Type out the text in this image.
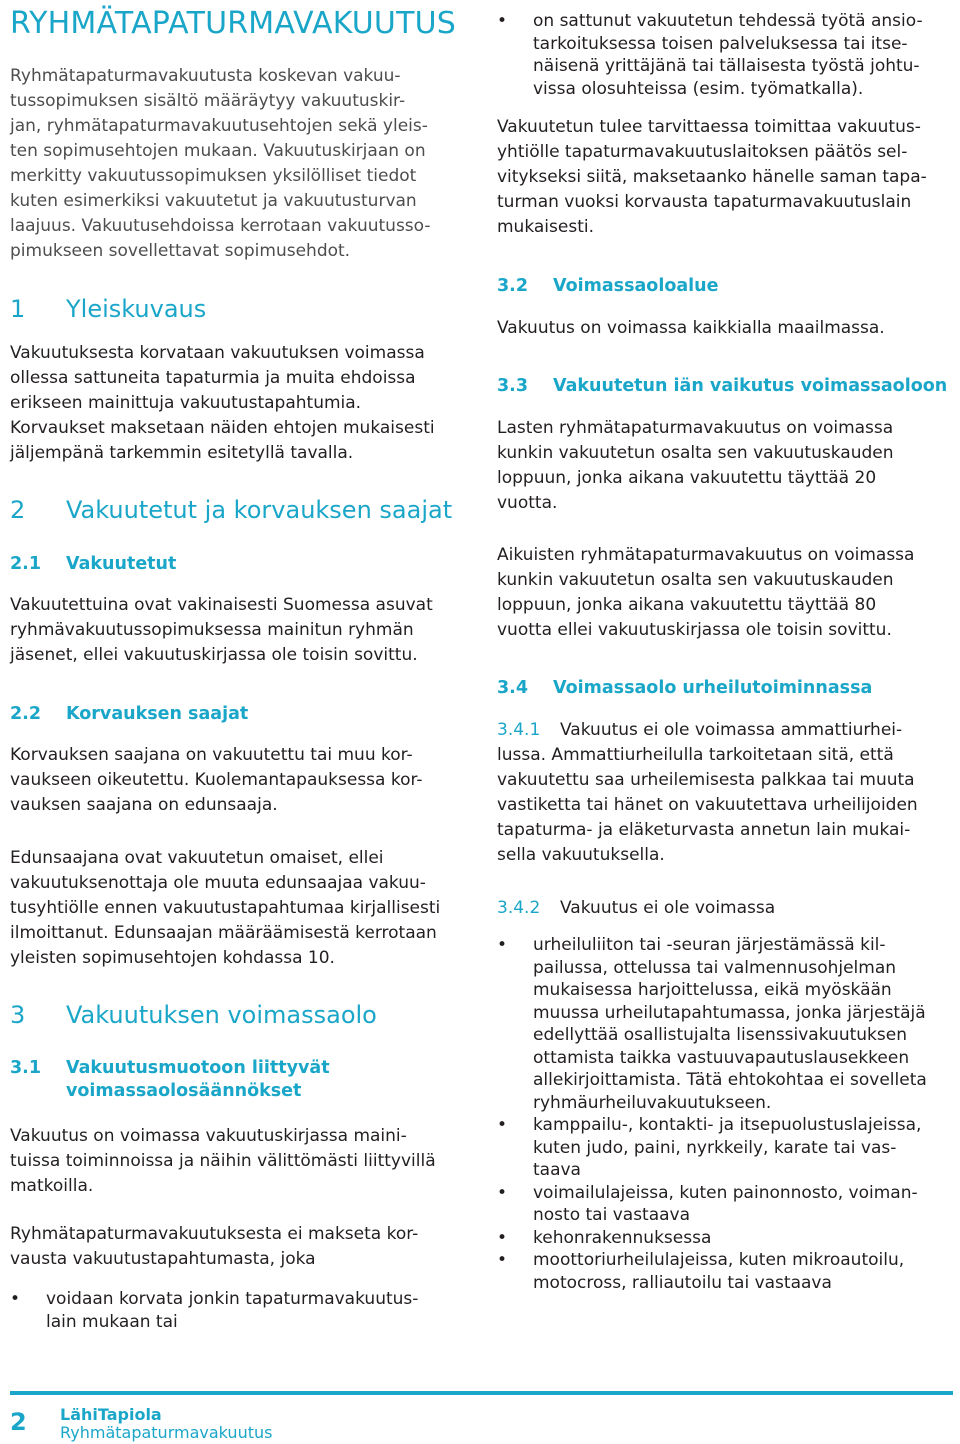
RYHMÄTAPATURMAVAKUUTUS

Ryhmätapaturmavakuutusta koskevan vakuu-
tussopimuksen sisältö määräytyy vakuutuskir-
jan, ryhmätapaturmavakuutusehtojen sekä yleis-
ten sopimusehtojen mukaan. Vakuutuskirjaan on
merkitty vakuutussopimuksen yksilölliset tiedot
kuten esimerkiksi vakuutetut ja vakuutusturvan
laajuus. Vakuutusehdoissa kerrotaan vakuutusso-
pimukseen sovellettavat sopimusehdot.

1 Yleiskuvaus

Vakuutuksesta korvataan vakuutuksen voimassa
ollessa sattuneita tapaturmia ja muita ehdoissa
erikseen mainittuja vakuutustapahtumia.
Korvaukset maksetaan näiden ehtojen mukaisesti
jäljempänä tarkemmin esitetyllä tavalla.

2 Vakuutetut ja korvauksen saajat
2.1 Vakuutetut

Vakuutettuina ovat vakinaisesti Suomessa asuvat
ryhmävakuutussopimuksessa mainitun ryhmän
jäsenet, ellei vakuutuskirjassa ole toisin sovittu.

2.2 Korvauksen saajat

Korvauksen saajana on vakuutettu tai muu kor-
vaukseen oikeutettu. Kuolemantapauksessa kor-
vauksen saajana on edunsaaja.

Edunsaajana ovat vakuutetun omaiset, ellei
vakuutuksenottaja ole muuta edunsaajaa vakuu-
tusyhtiölle ennen vakuutustapahtumaa kirjallisesti
ilmoittanut. Edunsaajan määräämisestä kerrotaan
yleisten sopimusehtojen kohdassa 10.

3 Vakuutuksen voimassaolo
3.1 Vakuutusmuotoon liittyvät
voimassaolosäännökset

Vakuutus on voimassa vakuutuskirjassa maini-
tuissa toiminnoissa ja näihin välittömästi liittyvillä
matkoilla.

Ryhmätapaturmavakuutuksesta ei makseta kor-
vausta vakuutustapahtumasta, joka

• voidaan korvata jonkin tapaturmavakuutus-
lain mukaan tai
• on sattunut vakuutetun tehdessä työtä ansio-
tarkoituksessa toisen palveluksessa tai itse-
näisenä yrittäjänä tai tällaisesta työstä johtu-
vissa olosuhteissa (esim. työmatkalla).

Vakuutetun tulee tarvittaessa toimittaa vakuutus-
yhtiölle tapaturmavakuutuslaitoksen päätös sel-
vitykseksi siitä, maksetaanko hänelle saman tapa-
turman vuoksi korvausta tapaturmavakuutuslain
mukaisesti.

3.2 Voimassaoloalue

Vakuutus on voimassa kaikkialla maailmassa.

3.3 Vakuutetun iän vaikutus voimassaoloon

Lasten ryhmätapaturmavakuutus on voimassa
kunkin vakuutetun osalta sen vakuutuskauden
loppuun, jonka aikana vakuutettu täyttää 20
vuotta.

Aikuisten ryhmätapaturmavakuutus on voimassa
kunkin vakuutetun osalta sen vakuutuskauden
loppuun, jonka aikana vakuutettu täyttää 80
vuotta ellei vakuutuskirjassa ole toisin sovittu.

3.4 Voimassaolo urheilutoiminnassa

3.4.1 Vakuutus ei ole voimassa ammattiurhei-
lussa. Ammattiurheilulla tarkoitetaan sitä, että
vakuutettu saa urheilemisesta palkkaa tai muuta
vastiketta tai hänet on vakuutettava urheilijoiden
tapaturma- ja eläketurvasta annetun lain mukai-
sella vakuutuksella.

3.4.2 Vakuutus ei ole voimassa

• urheiluliiton tai -seuran järjestämässä kil-
pailussa, ottelussa tai valmennusohjelman
mukaisessa harjoittelussa, eikä myöskään
muussa urheilutapahtumassa, jonka järjestäjä
edellyttää osallistujalta lisenssivakuutuksen
ottamista taikka vastuuvapautuslausekkeen
allekirjoittamista. Tätä ehtokohtaa ei sovelleta
ryhmäurheiluvakuutukseen.
• kamppailu-, kontakti- ja itsepuolustuslajeissa,
kuten judo, paini, nyrkkeily, karate tai vas-
taava
• voimailulajeissa, kuten painonnosto, voiman-
nosto tai vastaava
• kehonrakennuksessa
• moottoriurheilulajeissa, kuten mikroautoilu,
motocross, ralliautoilu tai vastaava
2 LähiTapiola
Ryhmätapaturmavakuutus
